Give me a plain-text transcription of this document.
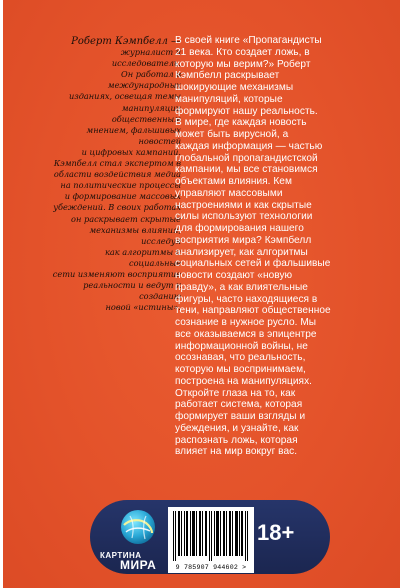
Роберт Кэмпбелл —
журналист и исследователь.
Он работал в международных
изданиях, освещая темы
манипуляции общественным
мнением, фальшивых новостей
и цифровых кампаний.
Кэмпбелл стал экспертом в
области воздействия медиа
на политические процессы
и формирование массовых
убеждений. В своих работах
он раскрывает скрытые
механизмы влияния, исследуя
как алгоритмы и социальные
сети изменяют восприятие
реальности и ведут к созданию
новой «истины».
В своей книге «Пропагандисты
21 века. Кто создает ложь, в
которую мы верим?» Роберт
Кэмпбелл раскрывает
шокирующие механизмы
манипуляций, которые
формируют нашу реальность.
В мире, где каждая новость
может быть вирусной, а
каждая информация — частью
глобальной пропагандистской
кампании, мы все становимся
объектами влияния. Кем
управляют массовыми
настроениями и как скрытые
силы используют технологии
для формирования нашего
восприятия мира? Кэмпбелл
анализирует, как алгоритмы
социальных сетей и фальшивые
новости создают «новую
правду», а как влиятельные
фигуры, часто находящиеся в
тени, направляют общественное
сознание в нужное русло. Мы
все оказываемся в эпицентре
информационной войны, не
осознавая, что реальность,
которую мы воспринимаем,
построена на манипуляциях.
Откройте глаза на то, как
работает система, которая
формирует ваши взгляды и
убеждения, и узнайте, как
распознать ложь, которая
влияет на мир вокруг вас.
КАРТИНА
МИРА	9 785907 944602 >
18+
